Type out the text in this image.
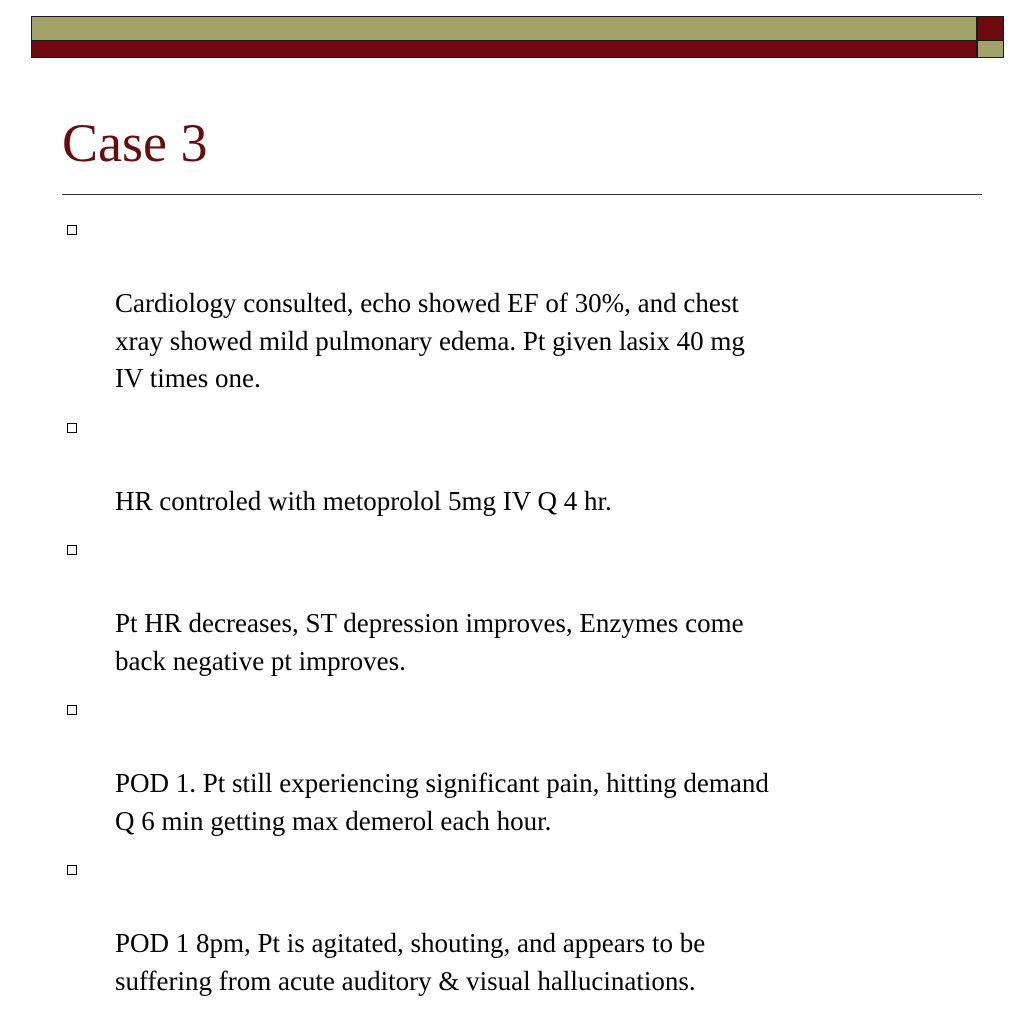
Case 3

Cardiology consulted, echo showed EF of 30%, and chest
xray showed mild pulmonary edema. Pt given lasix 40 mg
IV times one.

HR controled with metoprolol 5mg IV Q 4 hr.

Pt HR decreases, ST depression improves, Enzymes come
back negative pt improves.

POD 1. Pt still experiencing significant pain, hitting demand
Q 6 min getting max demerol each hour.

POD 1 8pm, Pt is agitated, shouting, and appears to be
suffering from acute auditory & visual hallucinations.
